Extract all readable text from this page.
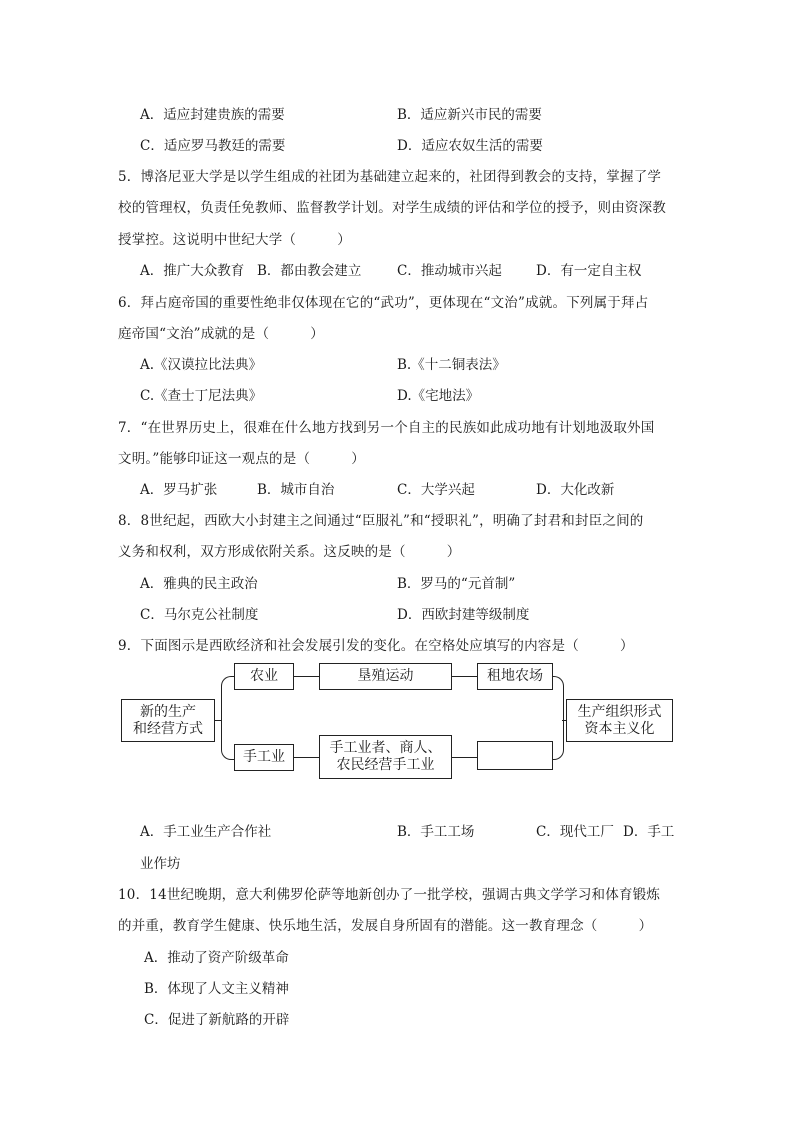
A．适应封建贵族的需要	B．适应新兴市民的需要
C．适应罗马教廷的需要	D．适应农奴生活的需要
5．博洛尼亚大学是以学生组成的社团为基础建立起来的，社团得到教会的支持，掌握了学
校的管理权，负责任免教师、监督教学计划。对学生成绩的评估和学位的授予，则由资深教
授掌控。这说明中世纪大学（　　　）
A．推广大众教育 B．都由教会建立	C．推动城市兴起	D．有一定自主权
6．拜占庭帝国的重要性绝非仅体现在它的“武功”，更体现在“文治”成就。下列属于拜占
庭帝国“文治”成就的是（　　　）
A.《汉谟拉比法典》	B.《十二铜表法》
C.《查士丁尼法典》	D.《宅地法》
7．“在世界历史上，很难在什么地方找到另一个自主的民族如此成功地有计划地汲取外国
文明。”能够印证这一观点的是（　　　）
A．罗马扩张	B．城市自治	C．大学兴起	D．大化改新
8．8世纪起，西欧大小封建主之间通过“臣服礼”和“授职礼”，明确了封君和封臣之间的
义务和权利，双方形成依附关系。这反映的是（　　　）
A．雅典的民主政治	B．罗马的“元首制”
C．马尔克公社制度	D．西欧封建等级制度
9．下面图示是西欧经济和社会发展引发的变化。在空格处应填写的内容是（　　　）
新的生产
和经营方式
农业	垦殖运动	租地农场
手工业
手工业者、商人、
农民经营手工业
生产组织形式
资本主义化
A．手工业生产合作社	B．手工工场	C．现代工厂 D．手工
业作坊
10．14世纪晚期，意大利佛罗伦萨等地新创办了一批学校，强调古典文学学习和体育锻炼
的并重，教育学生健康、快乐地生活，发展自身所固有的潜能。这一教育理念（　　　）
A．推动了资产阶级革命
B．体现了人文主义精神
C．促进了新航路的开辟
